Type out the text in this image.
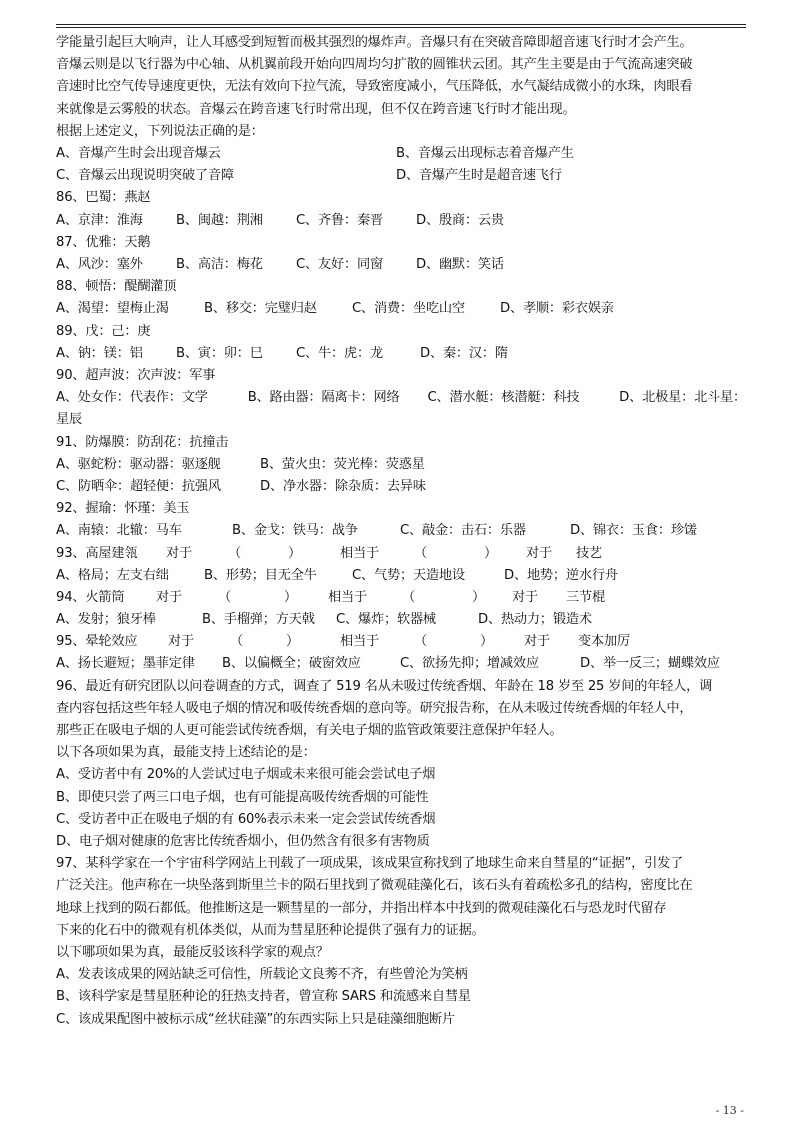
学能量引起巨大响声，让人耳感受到短暂而极其强烈的爆炸声。音爆只有在突破音障即超音速飞行时才会产生。

音爆云则是以飞行器为中心轴、从机翼前段开始向四周均匀扩散的圆锥状云团。其产生主要是由于气流高速突破

音速时比空气传导速度更快，无法有效向下拉气流，导致密度减小，气压降低，水气凝结成微小的水珠，肉眼看

来就像是云雾般的状态。音爆云在跨音速飞行时常出现，但不仅在跨音速飞行时才能出现。

根据上述定义，下列说法正确的是：

A、音爆产生时会出现音爆云	B、音爆云出现标志着音爆产生
C、音爆云出现说明突破了音障	D、音爆产生时是超音速飞行

86、巴蜀：燕赵

A、京津：淮海	B、闽越：荆湘	C、齐鲁：秦晋	D、殷商：云贵

87、优雅：天鹅

A、风沙：塞外	B、高洁：梅花	C、友好：同窗	D、幽默：笑话

88、顿悟：醍醐灌顶

A、渴望：望梅止渴	B、移交：完璧归赵	C、消费：坐吃山空	D、孝顺：彩衣娱亲

89、戊：己：庚

A、钠：镁：铝	B、寅：卯：巳	C、牛：虎：龙	D、秦：汉：隋

90、超声波：次声波：军事

A、处女作：代表作：文学	B、路由器：隔离卡：网络	C、潜水艇：核潜艇：科技	D、北极星：北斗星：

星辰

91、防爆膜：防刮花：抗撞击

A、驱蛇粉：驱动器：驱逐舰	B、萤火虫：荧光棒：荧惑星
C、防晒伞：超轻便：抗强风	D、净水器：除杂质：去异味

92、握瑜：怀瑾：美玉

A、南辕：北辙：马车	B、金戈：铁马：战争	C、敲金：击石：乐器	D、锦衣：玉食：珍馐
93、高屋建瓴	对于	（	）	相当于	（	）	对于	技艺
A、格局；左支右绌	B、形势；目无全牛	C、气势；天造地设	D、地势；逆水行舟
94、火箭筒	对于	（	）	相当于	（	）	对于	三节棍
A、发射；狼牙棒	B、手榴弹；方天戟	C、爆炸；软器械	D、热动力；锻造术
95、晕轮效应	对于	（	）	相当于	（	）	对于	变本加厉
A、扬长避短；墨菲定律	B、以偏概全；破窗效应	C、欲扬先抑；增减效应	D、举一反三；蝴蝶效应

96、最近有研究团队以问卷调查的方式，调查了 519 名从未吸过传统香烟、年龄在 18 岁至 25 岁间的年轻人，调

查内容包括这些年轻人吸电子烟的情况和吸传统香烟的意向等。研究报告称，在从未吸过传统香烟的年轻人中，

那些正在吸电子烟的人更可能尝试传统香烟，有关电子烟的监管政策要注意保护年轻人。

以下各项如果为真，最能支持上述结论的是：

A、受访者中有 20%的人尝试过电子烟或未来很可能会尝试电子烟

B、即使只尝了两三口电子烟，也有可能提高吸传统香烟的可能性

C、受访者中正在吸电子烟的有 60%表示未来一定会尝试传统香烟

D、电子烟对健康的危害比传统香烟小，但仍然含有很多有害物质

97、某科学家在一个宇宙科学网站上刊载了一项成果，该成果宣称找到了地球生命来自彗星的“证据”，引发了

广泛关注。他声称在一块坠落到斯里兰卡的陨石里找到了微观硅藻化石，该石头有着疏松多孔的结构，密度比在

地球上找到的陨石都低。他推断这是一颗彗星的一部分，并指出样本中找到的微观硅藻化石与恐龙时代留存

下来的化石中的微观有机体类似，从而为彗星胚种论提供了强有力的证据。

以下哪项如果为真，最能反驳该科学家的观点？

A、发表该成果的网站缺乏可信性，所载论文良莠不齐，有些曾沦为笑柄

B、该科学家是彗星胚种论的狂热支持者，曾宣称 SARS 和流感来自彗星

C、该成果配图中被标示成“丝状硅藻”的东西实际上只是硅藻细胞断片

- 13 -
